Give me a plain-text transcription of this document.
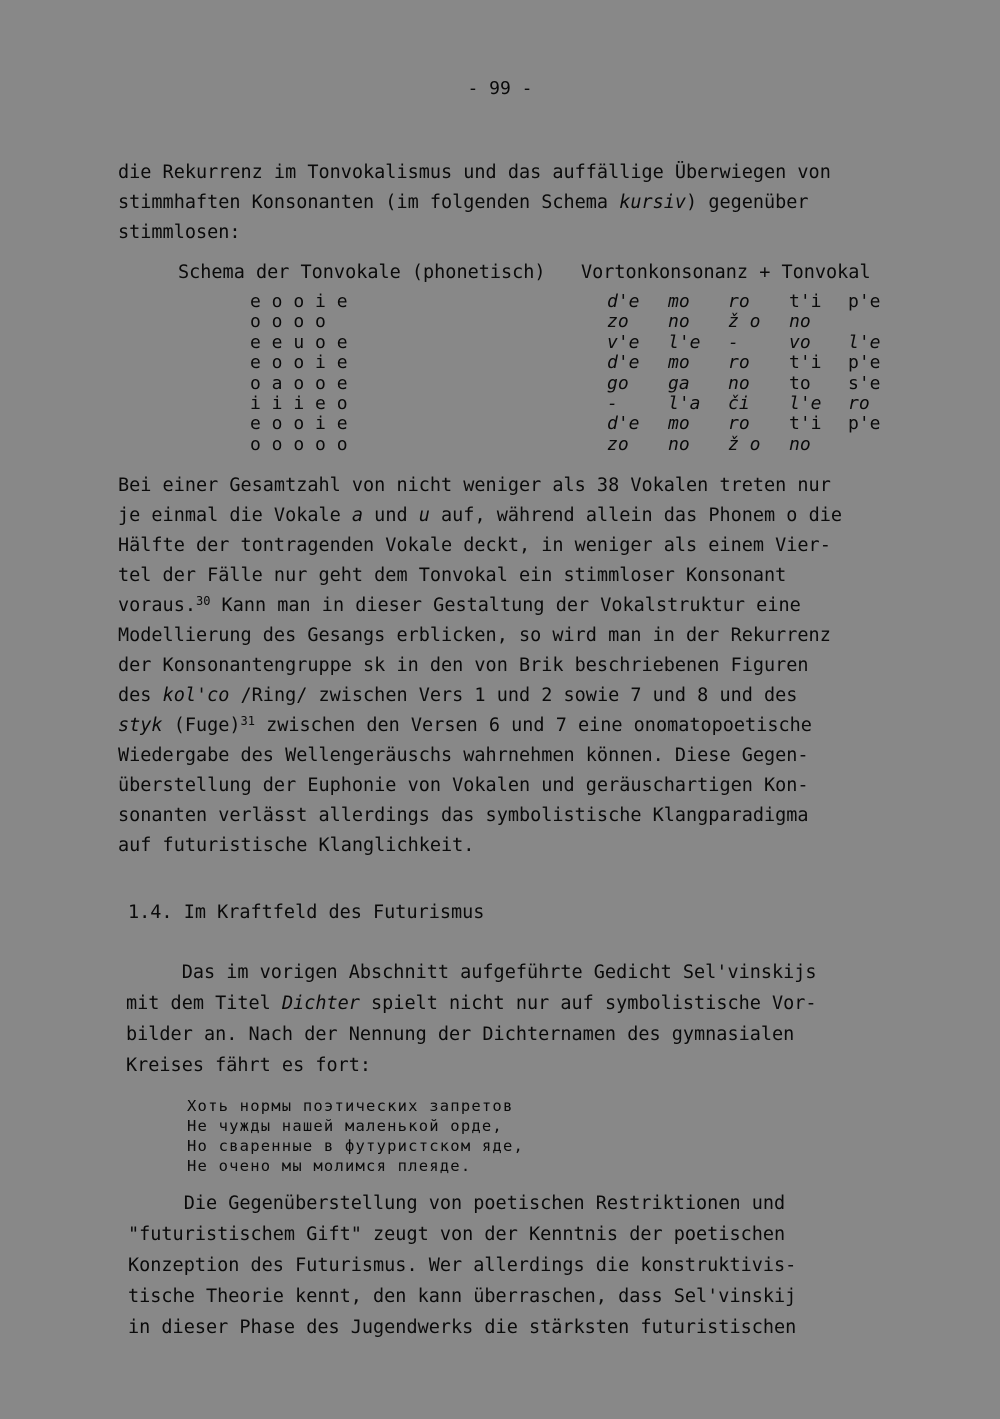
- 99 -
die Rekurrenz im Tonvokalismus und das auffällige Überwiegen von
stimmhaften Konsonanten (im folgenden Schema kursiv) gegenüber
stimmlosen:

Schema der Tonvokale (phonetisch)

Vortonkonsonanz + Tonvokal

e o o i e
o o o o
e e u o e
e o o i e
o a o o e
i i i e o
e o o i e
o o o o o
d'e
zo
v'e
d'e
go
-
d'e
zo
mo
no
l'e
mo
ga
l'a
mo
no
ro
ž o
-
ro
no
či
ro
ž o
t'i
no
vo
t'i
to
l'e
t'i
no
p'e
l'e
p'e
s'e
ro
p'e
Bei einer Gesamtzahl von nicht weniger als 38 Vokalen treten nur
je einmal die Vokale a und u auf, während allein das Phonem o die
Hälfte der tontragenden Vokale deckt, in weniger als einem Vier-
tel der Fälle nur geht dem Tonvokal ein stimmloser Konsonant
voraus.$^{30}$ Kann man in dieser Gestaltung der Vokalstruktur eine
Modellierung des Gesangs erblicken, so wird man in der Rekurrenz
der Konsonantengruppe sk in den von Brik beschriebenen Figuren
des kol'co /Ring/ zwischen Vers 1 und 2 sowie 7 und 8 und des
styk (Fuge)$^{31}$ zwischen den Versen 6 und 7 eine onomatopoetische
Wiedergabe des Wellengeräuschs wahrnehmen können. Diese Gegen-
überstellung der Euphonie von Vokalen und geräuschartigen Kon-
sonanten verlässt allerdings das symbolistische Klangparadigma
auf futuristische Klanglichkeit.
1.4. Im Kraftfeld des Futurismus
Das im vorigen Abschnitt aufgeführte Gedicht Sel'vinskijs
mit dem Titel Dichter spielt nicht nur auf symbolistische Vor-
bilder an. Nach der Nennung der Dichternamen des gymnasialen
Kreises fährt es fort:
Хоть нормы поэтических запретов
Не чужды нашей маленькой орде,
Но сваренные в футуристском яде,
Не очено мы молимся плеяде.
Die Gegenüberstellung von poetischen Restriktionen und
"futuristischem Gift" zeugt von der Kenntnis der poetischen
Konzeption des Futurismus. Wer allerdings die konstruktivis-
tische Theorie kennt, den kann überraschen, dass Sel'vinskij
in dieser Phase des Jugendwerks die stärksten futuristischen
